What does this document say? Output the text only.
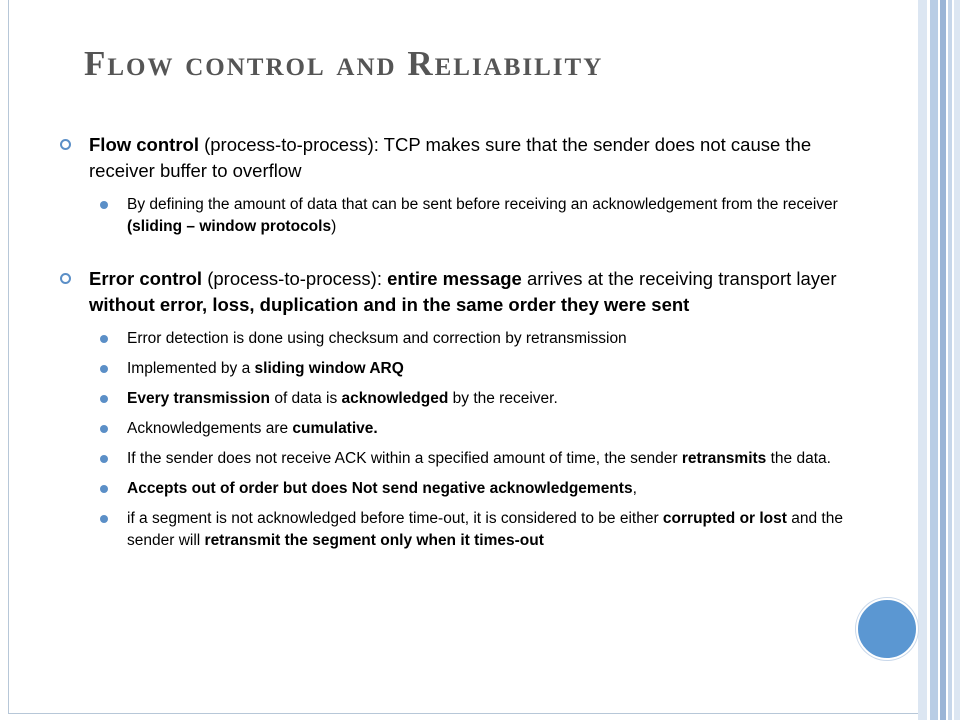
Flow control and Reliability

Flow control (process-to-process): TCP makes sure that the sender does not cause the receiver buffer to overflow

By defining the amount of data that can be sent before receiving an acknowledgement from the receiver (sliding – window protocols)

Error control (process-to-process): entire message arrives at the receiving transport layer without error, loss, duplication and in the same order they were sent

Error detection is done using checksum and correction by retransmission

Implemented by a sliding window ARQ

Every transmission of data is acknowledged by the receiver.

Acknowledgements are cumulative.

If the sender does not receive ACK within a specified amount of time, the sender retransmits the data.

Accepts out of order but does Not send negative acknowledgements,

if a segment is not acknowledged before time-out, it is considered to be either corrupted or lost and the sender will retransmit the segment only when it times-out
